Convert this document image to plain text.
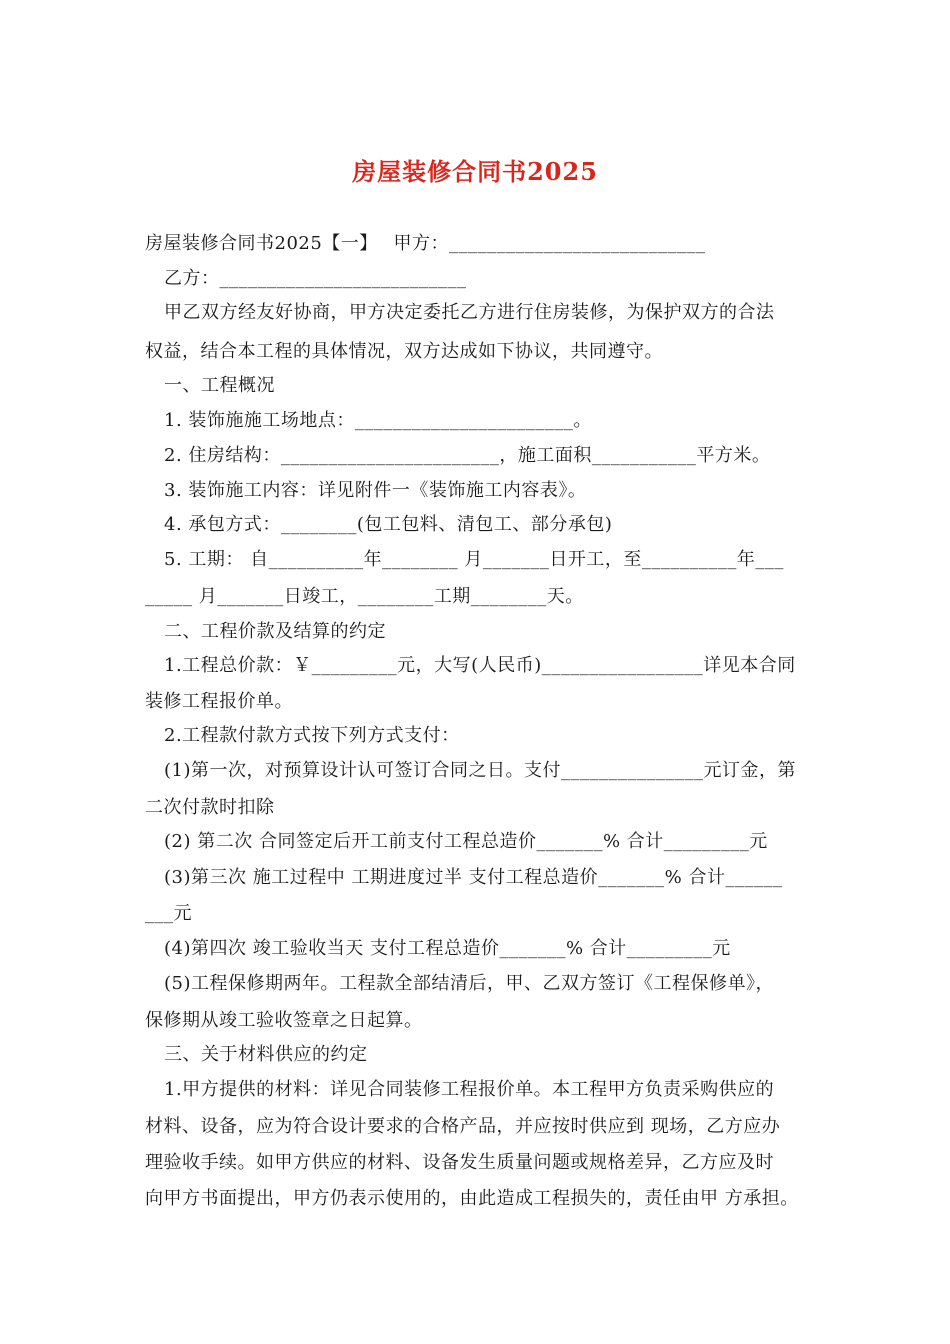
房屋装修合同书2025
房屋装修合同书2025【一】　 甲方：___________________________
乙方：__________________________
甲乙双方经友好协商，甲方决定委托乙方进行住房装修，为保护双方的合法
权益，结合本工程的具体情况，双方达成如下协议，共同遵守。
一、工程概况
1. 装饰施施工场地点：_______________________。
2. 住房结构：_______________________，施工面积___________平方米。
3. 装饰施工内容：详见附件一《装饰施工内容表》。
4. 承包方式：________(包工包料、清包工、部分承包)
5. 工期： 自__________年________ 月_______日开工，至__________年___
_____ 月_______日竣工，________工期________天。
二、工程价款及结算的约定
1.工程总价款：￥_________元，大写(人民币)_________________详见本合同
装修工程报价单。
2.工程款付款方式按下列方式支付：
(1)第一次，对预算设计认可签订合同之日。支付_______________元订金，第
二次付款时扣除
(2) 第二次 合同签定后开工前支付工程总造价_______% 合计_________元
(3)第三次 施工过程中 工期进度过半 支付工程总造价_______% 合计______
___元
(4)第四次 竣工验收当天 支付工程总造价_______% 合计_________元
(5)工程保修期两年。工程款全部结清后，甲、乙双方签订《工程保修单》，
保修期从竣工验收签章之日起算。
三、关于材料供应的约定
1.甲方提供的材料：详见合同装修工程报价单。本工程甲方负责采购供应的
材料、设备，应为符合设计要求的合格产品，并应按时供应到 现场，乙方应办
理验收手续。如甲方供应的材料、设备发生质量问题或规格差异，乙方应及时
向甲方书面提出，甲方仍表示使用的，由此造成工程损失的，责任由甲 方承担。
